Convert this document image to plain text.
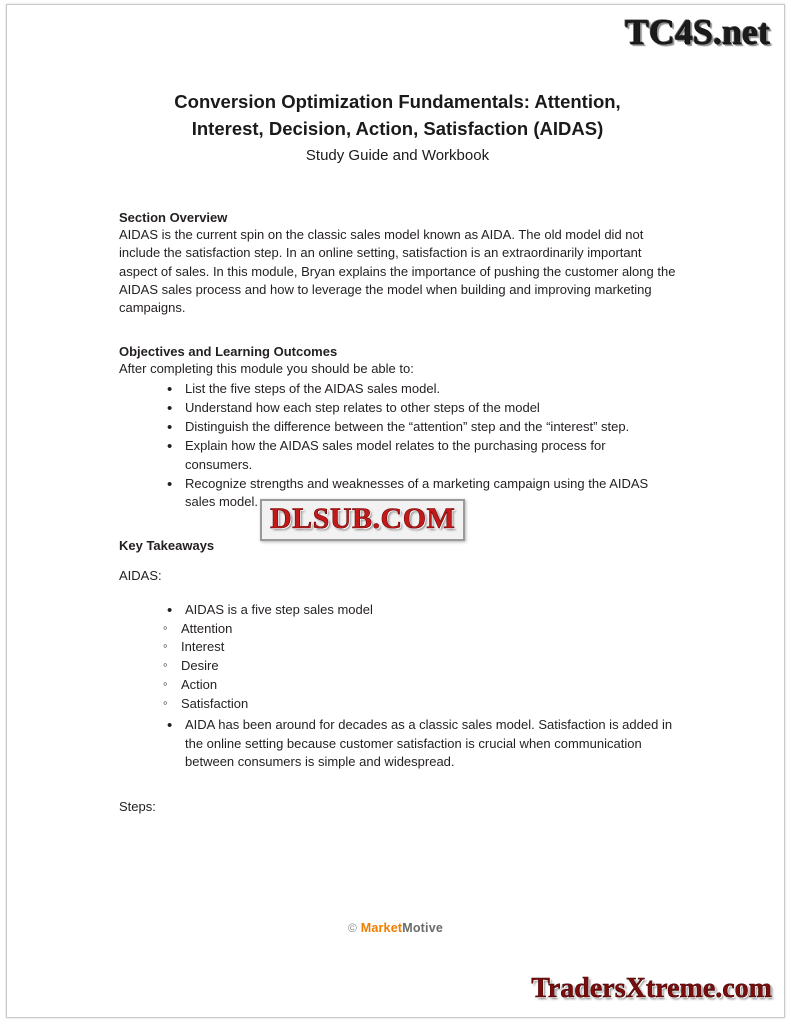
TC4S.net
Conversion Optimization Fundamentals: Attention,
Interest, Decision, Action, Satisfaction (AIDAS)
Study Guide and Workbook
Section Overview

AIDAS is the current spin on the classic sales model known as AIDA. The old model did not include the satisfaction step. In an online setting, satisfaction is an extraordinarily important aspect of sales. In this module, Bryan explains the importance of pushing the customer along the AIDAS sales process and how to leverage the model when building and improving marketing campaigns.

Objectives and Learning Outcomes

After completing this module you should be able to:

• List the five steps of the AIDAS sales model.
• Understand how each step relates to other steps of the model
• Distinguish the difference between the “attention” step and the “interest” step.
• Explain how the AIDAS sales model relates to the purchasing process for consumers.
• Recognize strengths and weaknesses of a marketing campaign using the AIDAS sales model.
Key Takeaways

AIDAS:

• AIDAS is a five step sales model
◦ Attention
◦ Interest
◦ Desire
◦ Action
◦ Satisfaction
• AIDA has been around for decades as a classic sales model. Satisfaction is added in the online setting because customer satisfaction is crucial when communication between consumers is simple and widespread.

Steps:

© MarketMotive
DLSUB.COM
TradersXtreme.com
